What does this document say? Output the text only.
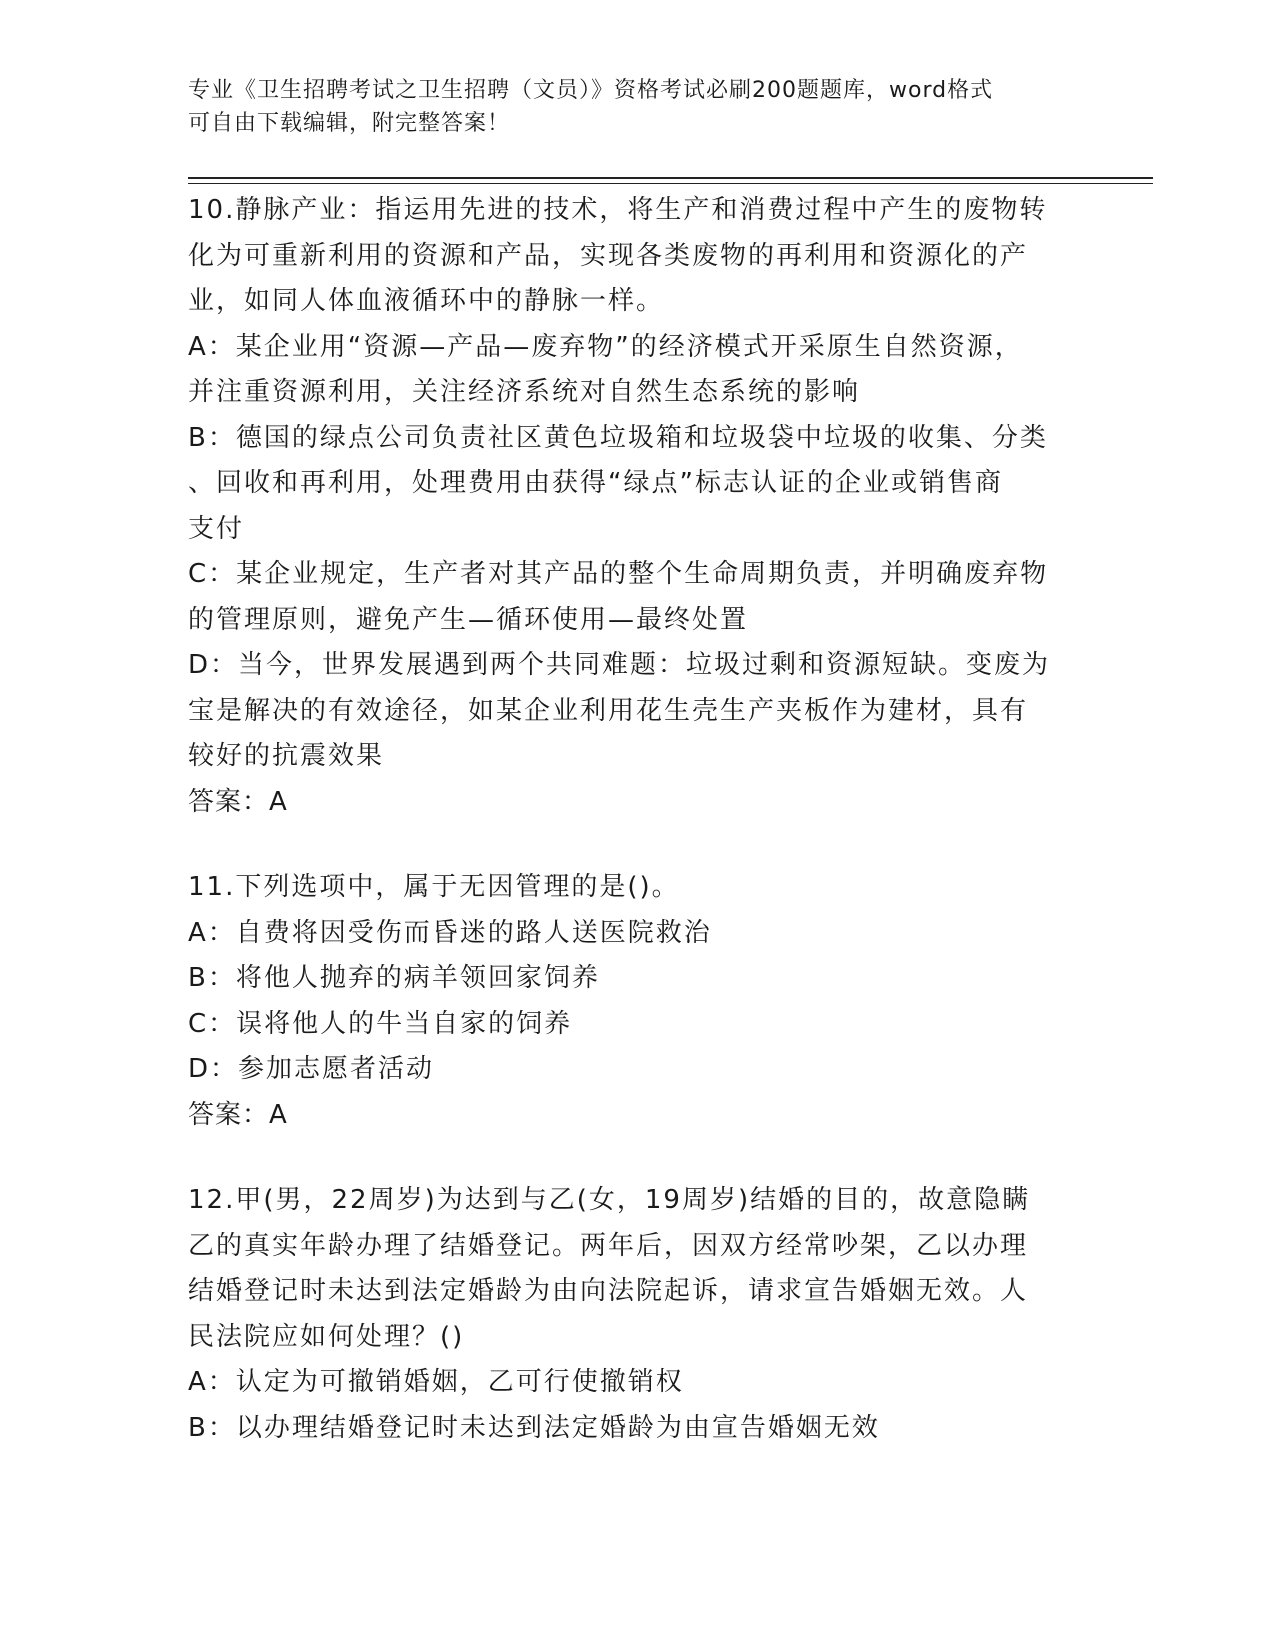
专业《卫生招聘考试之卫生招聘（文员）》资格考试必刷200题题库，word格式
可自由下载编辑，附完整答案！
10.静脉产业：指运用先进的技术，将生产和消费过程中产生的废物转
化为可重新利用的资源和产品，实现各类废物的再利用和资源化的产
业，如同人体血液循环中的静脉一样。
A：某企业用“资源—产品—废弃物”的经济模式开采原生自然资源，
并注重资源利用，关注经济系统对自然生态系统的影响
B：德国的绿点公司负责社区黄色垃圾箱和垃圾袋中垃圾的收集、分类
、回收和再利用，处理费用由获得“绿点”标志认证的企业或销售商
支付
C：某企业规定，生产者对其产品的整个生命周期负责，并明确废弃物
的管理原则，避免产生—循环使用—最终处置
D：当今，世界发展遇到两个共同难题：垃圾过剩和资源短缺。变废为
宝是解决的有效途径，如某企业利用花生壳生产夹板作为建材，具有
较好的抗震效果
答案：A
11.下列选项中，属于无因管理的是()。
A：自费将因受伤而昏迷的路人送医院救治
B：将他人抛弃的病羊领回家饲养
C：误将他人的牛当自家的饲养
D：参加志愿者活动
答案：A
12.甲(男，22周岁)为达到与乙(女，19周岁)结婚的目的，故意隐瞒
乙的真实年龄办理了结婚登记。两年后，因双方经常吵架，乙以办理
结婚登记时未达到法定婚龄为由向法院起诉，请求宣告婚姻无效。人
民法院应如何处理？()
A：认定为可撤销婚姻，乙可行使撤销权
B：以办理结婚登记时未达到法定婚龄为由宣告婚姻无效
